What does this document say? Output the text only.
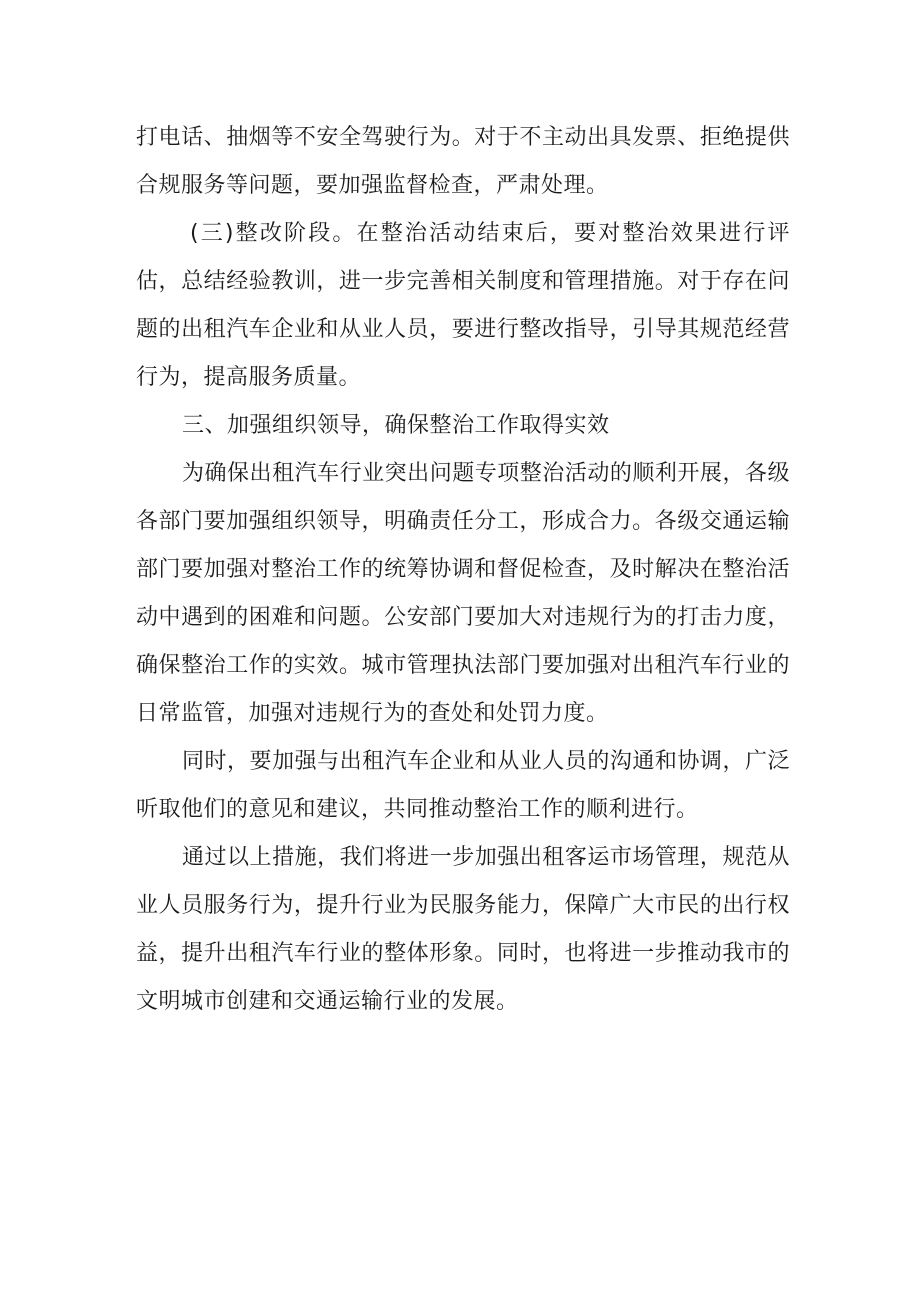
打电话、抽烟等不安全驾驶行为。对于不主动出具发票、拒绝提供合规服务等问题，要加强监督检查，严肃处理。

(三)整改阶段。在整治活动结束后，要对整治效果进行评估，总结经验教训，进一步完善相关制度和管理措施。对于存在问题的出租汽车企业和从业人员，要进行整改指导，引导其规范经营行为，提高服务质量。

三、加强组织领导，确保整治工作取得实效

为确保出租汽车行业突出问题专项整治活动的顺利开展，各级各部门要加强组织领导，明确责任分工，形成合力。各级交通运输部门要加强对整治工作的统筹协调和督促检查，及时解决在整治活动中遇到的困难和问题。公安部门要加大对违规行为的打击力度，确保整治工作的实效。城市管理执法部门要加强对出租汽车行业的日常监管，加强对违规行为的查处和处罚力度。

同时，要加强与出租汽车企业和从业人员的沟通和协调，广泛听取他们的意见和建议，共同推动整治工作的顺利进行。

通过以上措施，我们将进一步加强出租客运市场管理，规范从业人员服务行为，提升行业为民服务能力，保障广大市民的出行权益，提升出租汽车行业的整体形象。同时，也将进一步推动我市的文明城市创建和交通运输行业的发展。
